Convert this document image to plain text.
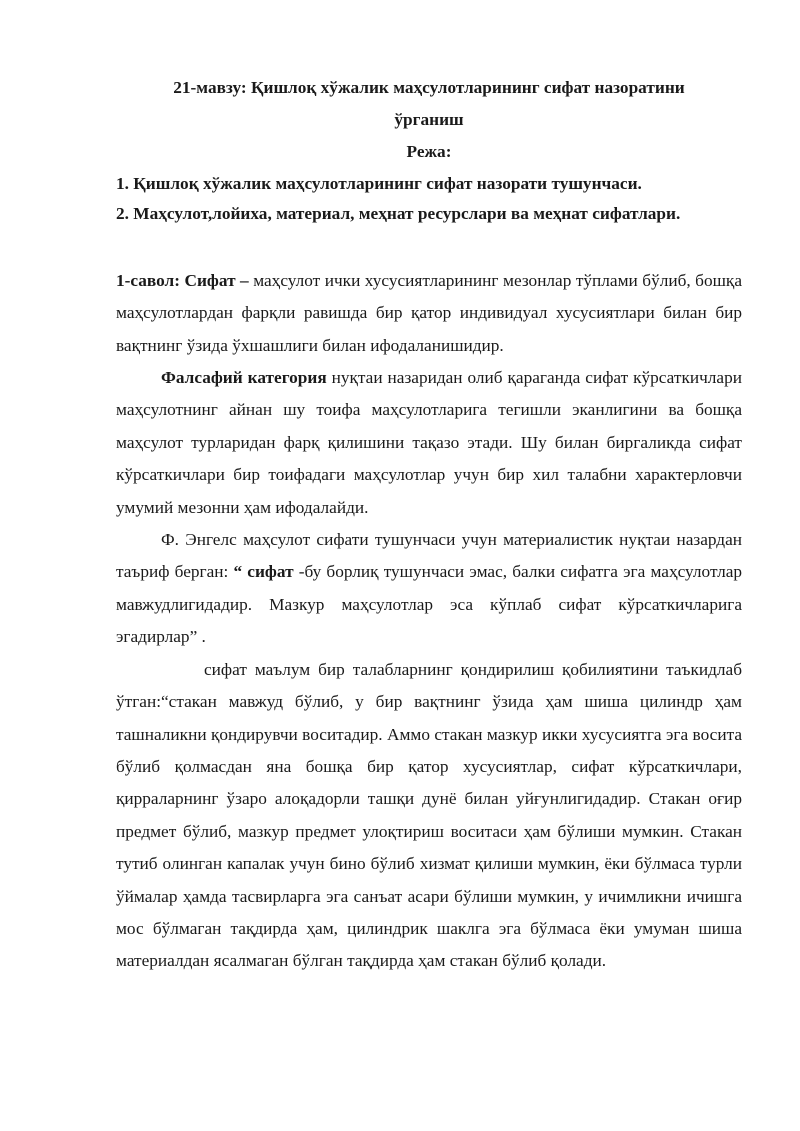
21-мавзу: Қишлоқ хўжалик маҳсулотларининг сифат назоратини

ўрганиш

Режа:

1. Қишлоқ хўжалик маҳсулотларининг сифат назорати тушунчаси.

2. Маҳсулот,лойиха, материал, меҳнат ресурслари ва меҳнат сифатлари.

1-савол: Сифат – маҳсулот ички хусусиятларининг мезонлар тўплами бўлиб, бошқа маҳсулотлардан фарқли равишда бир қатор индивидуал хусусиятлари билан бир вақтнинг ўзида ўхшашлиги билан ифодаланишидир.

Фалсафий категория нуқтаи назаридан олиб қараганда сифат кўрсаткичлари маҳсулотнинг айнан шу тоифа маҳсулотларига тегишли эканлигини ва бошқа маҳсулот турларидан фарқ қилишини тақазо этади. Шу билан биргаликда сифат кўрсаткичлари бир тоифадаги маҳсулотлар учун бир хил талабни характерловчи умумий мезонни ҳам ифодалайди.

Ф. Энгелс маҳсулот сифати тушунчаси учун материалистик нуқтаи назардан таъриф берган: “ сифат -бу борлиқ тушунчаси эмас, балки сифатга эга маҳсулотлар мавжудлигидадир. Мазкур маҳсулотлар эса кўплаб сифат кўрсаткичларига эгадирлар” .

сифат маълум бир талабларнинг қондирилиш қобилиятини таъкидлаб ўтган:“стакан мавжуд бўлиб, у бир вақтнинг ўзида ҳам шиша цилиндр ҳам ташналикни қондирувчи воситадир. Аммо стакан мазкур икки хусусиятга эга восита бўлиб қолмасдан яна бошқа бир қатор хусусиятлар, сифат кўрсаткичлари, қирраларнинг ўзаро алоқадорли ташқи дунё билан уйғунлигидадир. Стакан оғир предмет бўлиб, мазкур предмет улоқтириш воситаси ҳам бўлиши мумкин. Стакан тутиб олинган капалак учун бино бўлиб хизмат қилиши мумкин, ёки бўлмаса турли ўймалар ҳамда тасвирларга эга санъат асари бўлиши мумкин, у ичимликни ичишга мос бўлмаган тақдирда ҳам, цилиндрик шаклга эга бўлмаса ёки умуман шиша материалдан ясалмаган бўлган тақдирда ҳам стакан бўлиб қолади.
